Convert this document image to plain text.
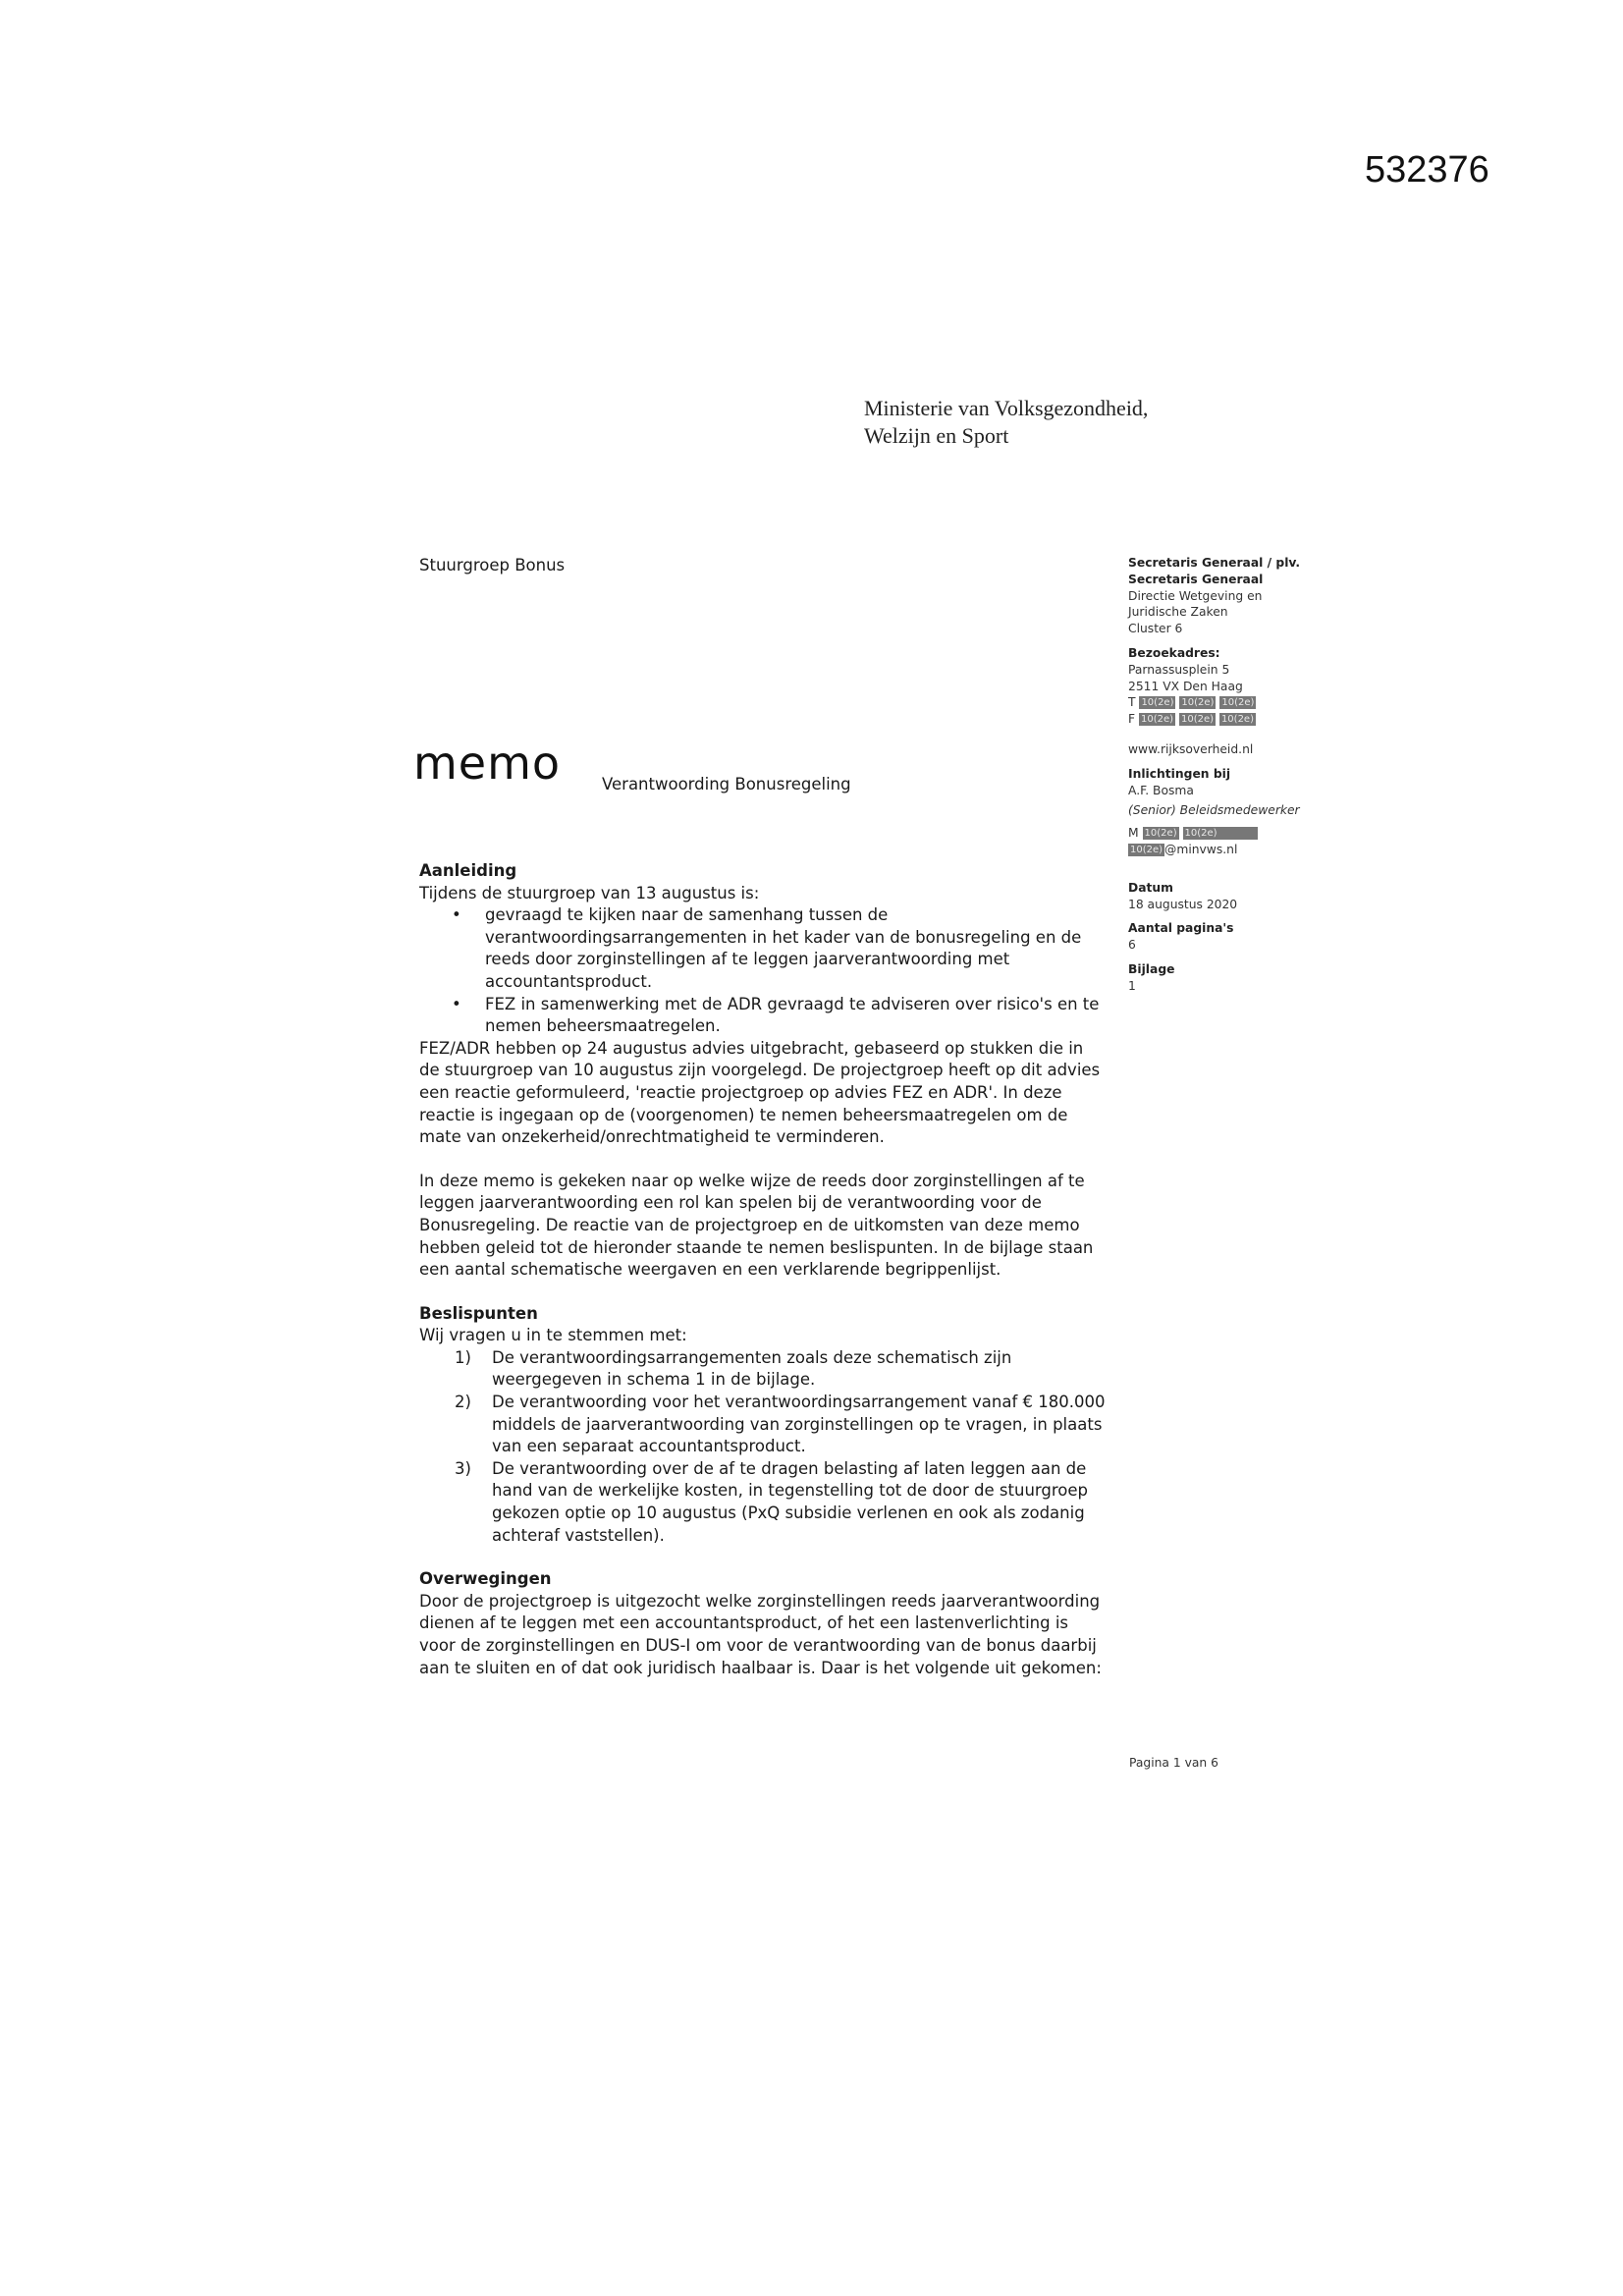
532376
Ministerie van Volksgezondheid,
Welzijn en Sport
Stuurgroep Bonus
memo	Verantwoording Bonusregeling
Secretaris Generaal / plv.
Secretaris Generaal
Directie Wetgeving en
Juridische Zaken
Cluster 6
Bezoekadres:
Parnassusplein 5
2511 VX Den Haag
T 10(2e) 10(2e) 10(2e)
F 10(2e) 10(2e) 10(2e)
www.rijksoverheid.nl
Inlichtingen bij
A.F. Bosma
(Senior) Beleidsmedewerker
M 10(2e) 10(2e)
10(2e) @minvws.nl
Datum
18 augustus 2020
Aantal pagina's
6
Bijlage
1
Aanleiding

Tijdens de stuurgroep van 13 augustus is:

• gevraagd te kijken naar de samenhang tussen de verantwoordingsarrangementen in het kader van de bonusregeling en de reeds door zorginstellingen af te leggen jaarverantwoording met accountantsproduct.
• FEZ in samenwerking met de ADR gevraagd te adviseren over risico's en te nemen beheersmaatregelen.

FEZ/ADR hebben op 24 augustus advies uitgebracht, gebaseerd op stukken die in de stuurgroep van 10 augustus zijn voorgelegd. De projectgroep heeft op dit advies een reactie geformuleerd, 'reactie projectgroep op advies FEZ en ADR'. In deze reactie is ingegaan op de (voorgenomen) te nemen beheersmaatregelen om de mate van onzekerheid/onrechtmatigheid te verminderen.

In deze memo is gekeken naar op welke wijze de reeds door zorginstellingen af te leggen jaarverantwoording een rol kan spelen bij de verantwoording voor de Bonusregeling. De reactie van de projectgroep en de uitkomsten van deze memo hebben geleid tot de hieronder staande te nemen beslispunten. In de bijlage staan een aantal schematische weergaven en een verklarende begrippenlijst.

Beslispunten

Wij vragen u in te stemmen met:

1) De verantwoordingsarrangementen zoals deze schematisch zijn weergegeven in schema 1 in de bijlage.
2) De verantwoording voor het verantwoordingsarrangement vanaf € 180.000 middels de jaarverantwoording van zorginstellingen op te vragen, in plaats van een separaat accountantsproduct.
3) De verantwoording over de af te dragen belasting af laten leggen aan de hand van de werkelijke kosten, in tegenstelling tot de door de stuurgroep gekozen optie op 10 augustus (PxQ subsidie verlenen en ook als zodanig achteraf vaststellen).
Overwegingen

Door de projectgroep is uitgezocht welke zorginstellingen reeds jaarverantwoording dienen af te leggen met een accountantsproduct, of het een lastenverlichting is voor de zorginstellingen en DUS-I om voor de verantwoording van de bonus daarbij aan te sluiten en of dat ook juridisch haalbaar is. Daar is het volgende uit gekomen:

Pagina 1 van 6
